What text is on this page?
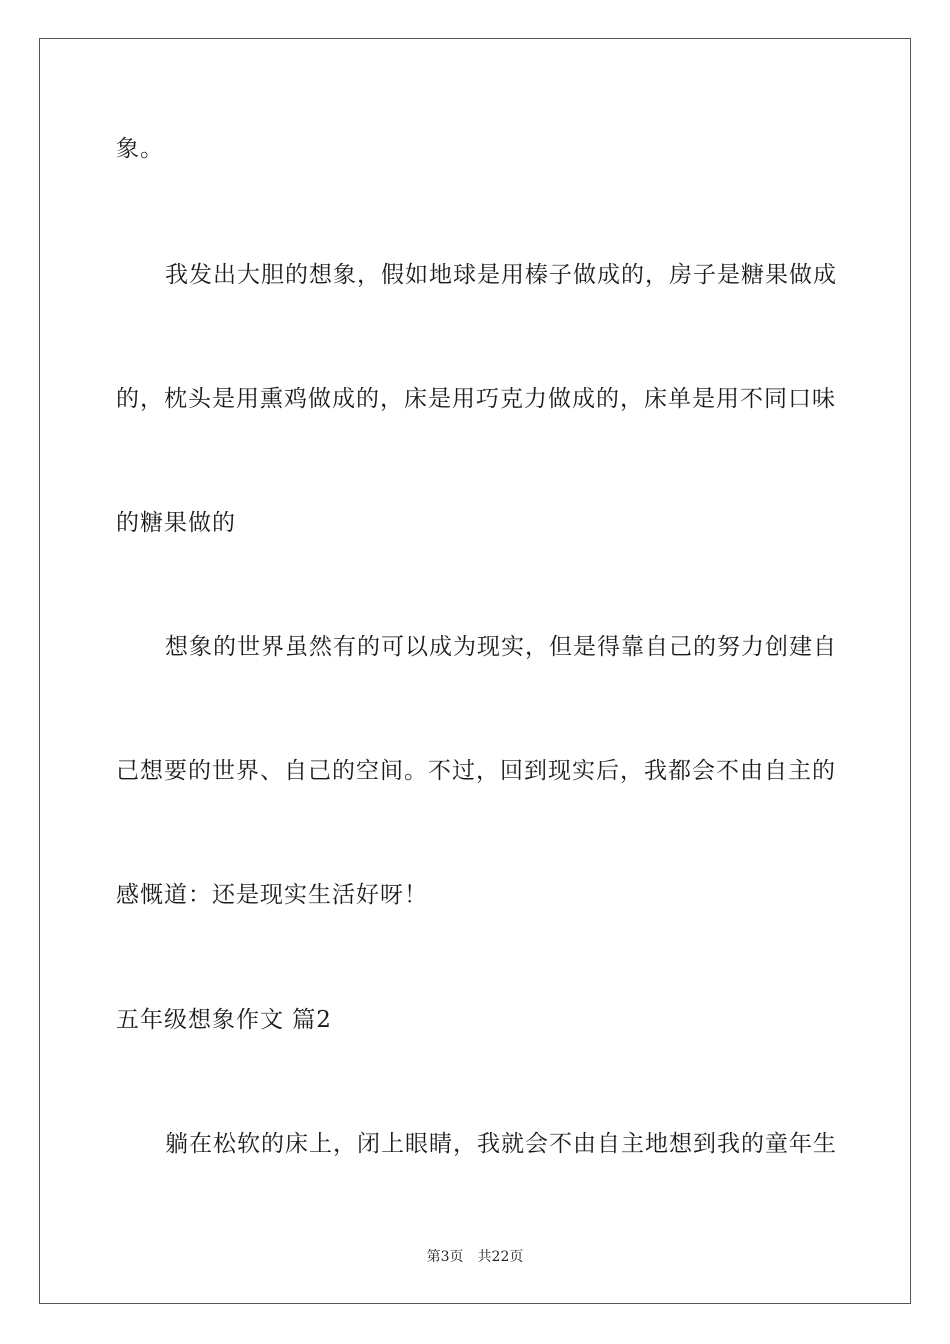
象。
我发出大胆的想象，假如地球是用榛子做成的，房子是糖果做成
的，枕头是用熏鸡做成的，床是用巧克力做成的，床单是用不同口味
的糖果做的
想象的世界虽然有的可以成为现实，但是得靠自己的努力创建自
己想要的世界、自己的空间。不过，回到现实后，我都会不由自主的
感慨道：还是现实生活好呀！
五年级想象作文 篇2
躺在松软的床上，闭上眼睛，我就会不由自主地想到我的童年生
第3页 共22页
